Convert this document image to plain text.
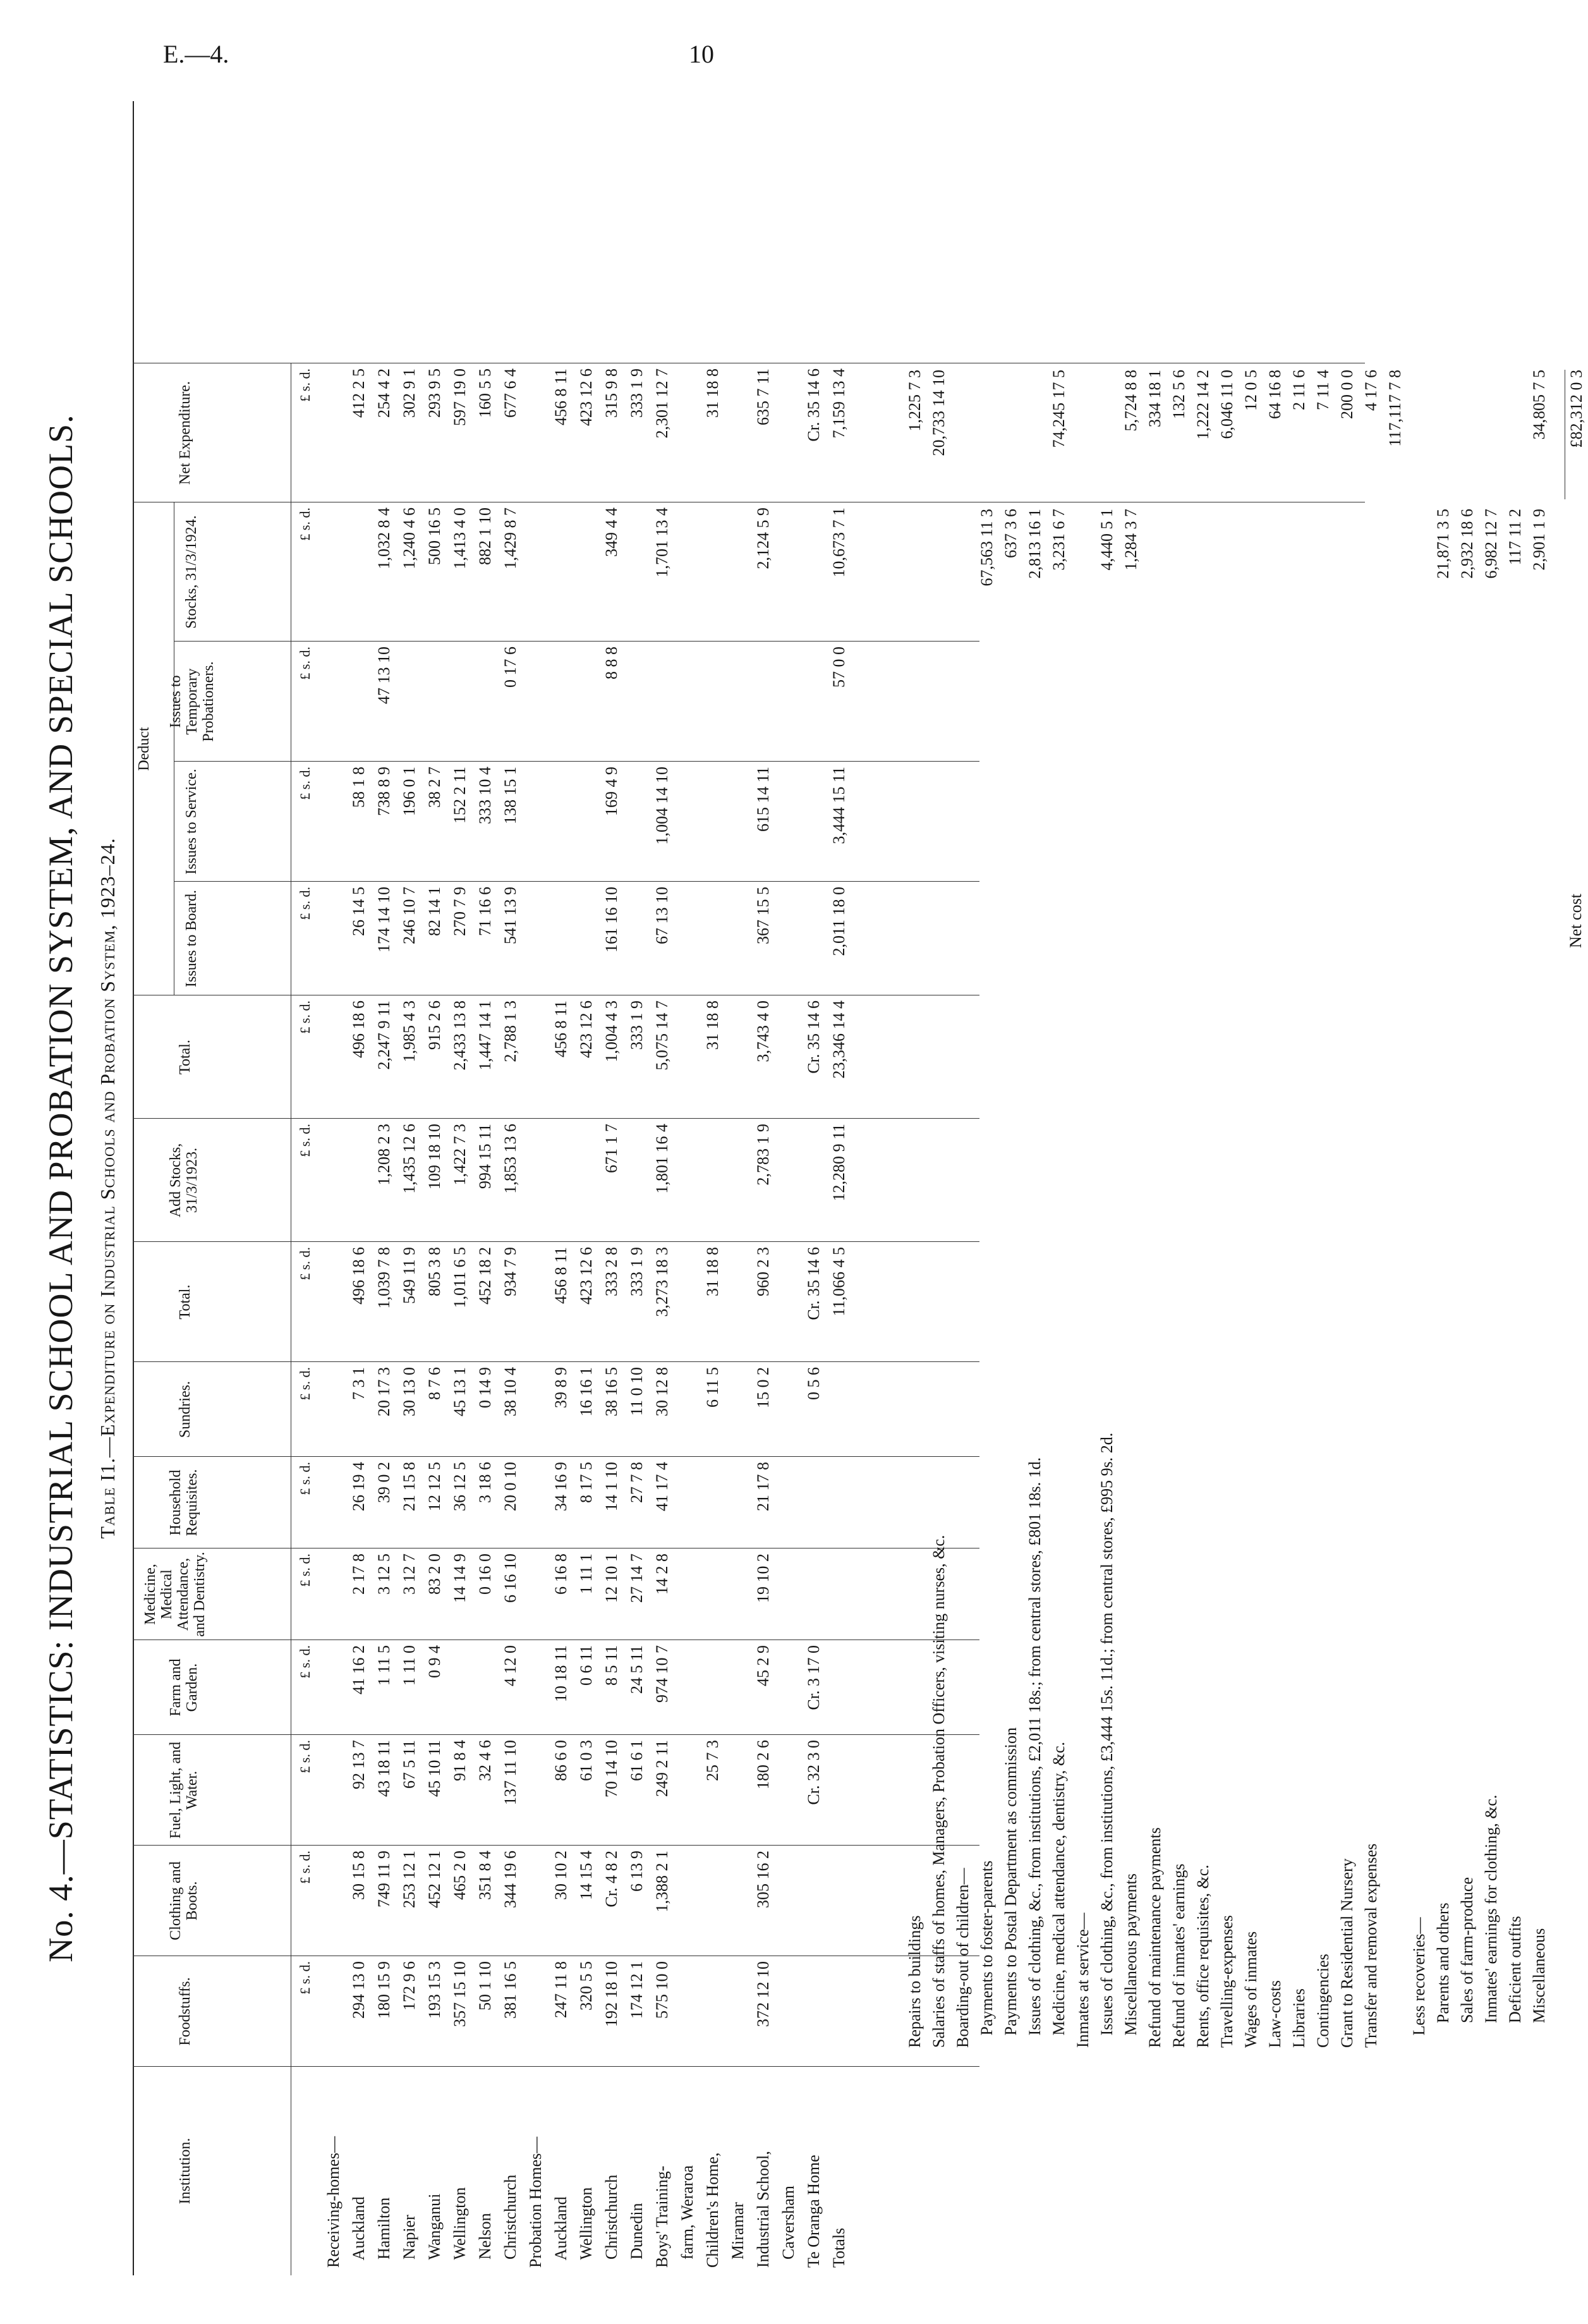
E.—4.	10
No. 4.—STATISTICS: INDUSTRIAL SCHOOL AND PROBATION SYSTEM, AND SPECIAL SCHOOLS. Table I1.—Expenditure on Industrial Schools and Probation System, 1923–24.
Institution.
Foodstuffs.
Clothing and Boots.
Fuel, Light, and Water.
Farm and Garden.
Medicine, Medical Attendance, and Dentistry.
Household Requisites.
Sundries.
Total.
Add Stocks, 31/3/1923.
Total.
Deduct
Issues to Board.
Issues to Service.
Issues to Temporary Probationers.
Stocks, 31/3/1924.
Net Expenditure.
Receiving-homes— Auckland
294 13 0
30 15 8
92 13 7
41 16 2
2 17 8
26 19 4
7 3 1
496 18 6
496 18 6
26 14 5
58 1 8
412 2 5
Hamilton
180 15 9
749 11 9
43 18 11
1 11 5
3 12 5
39 0 2
20 17 3
1,039 7 8
1,208 2 3
2,247 9 11
174 14 10
738 8 9
47 13 10
1,032 8 4
254 4 2
Napier
172 9 6
253 12 1
67 5 11
1 11 0
3 12 7
21 15 8
30 13 0
549 11 9
1,435 12 6
1,985 4 3
246 10 7
196 0 1
1,240 4 6
302 9 1
Wanganui
193 15 3
452 12 1
45 10 11
0 9 4
83 2 0
12 12 5
8 7 6
805 3 8
109 18 10
915 2 6
82 14 1
38 2 7
500 16 5
293 9 5
Wellington
357 15 10
465 2 0
91 8 4
14 14 9
36 12 5
45 13 1
1,011 6 5
1,422 7 3
2,433 13 8
270 7 9
152 2 11
1,413 4 0
597 19 0
Nelson
50 1 10
351 8 4
32 4 6
0 16 0
3 18 6
0 14 9
452 18 2
994 15 11
1,447 14 1
71 16 6
333 10 4
882 1 10
160 5 5
Christchurch
381 16 5
344 19 6
137 11 10
4 12 0
6 16 10
20 0 10
38 10 4
934 7 9
1,853 13 6
2,788 1 3
541 13 9
138 15 1
0 17 6
1,429 8 7
677 6 4
Probation Homes— Auckland
247 11 8
30 10 2
86 6 0
10 18 11
6 16 8
34 16 9
39 8 9
456 8 11
456 8 11
456 8 11
Wellington
320 5 5
14 15 4
61 0 3
0 6 11
1 11 1
8 17 5
16 16 1
423 12 6
423 12 6
423 12 6
Christchurch
192 18 10
Cr. 4 8 2
70 14 10
8 5 11
12 10 1
14 1 10
38 16 5
333 2 8
671 1 7
1,004 4 3
161 16 10
169 4 9
8 8 8
349 4 4
315 9 8
Dunedin
174 12 1
6 13 9
61 6 1
24 5 11
27 14 7
27 7 8
11 0 10
333 1 9
333 1 9
333 1 9
Boys' Training-
575 10 0
1,388 2 1
249 2 11
974 10 7
14 2 8
41 17 4
30 12 8
3,273 18 3
1,801 16 4
5,075 14 7
67 13 10
1,004 14 10
1,701 13 4
2,301 12 7
farm, Weraroa Children's Home,
25 7 3
6 11 5
31 18 8
31 18 8
31 18 8
Miramar Industrial School,
372 12 10
305 16 2
180 2 6
45 2 9
19 10 2
21 17 8
15 0 2
960 2 3
2,783 1 9
3,743 4 0
367 15 5
615 14 11
2,124 5 9
635 7 11
Caversham Te Oranga Home
Cr. 32 3 0
Cr. 3 17 0
0 5 6
Cr. 35 14 6
Cr. 35 14 6
Cr. 35 14 6
Totals
11,066 4 5
12,280 9 11
23,346 14 4
2,011 18 0
3,444 15 11
57 0 0
10,673 7 1
7,159 13 4
Repairs to buildings
1,225 7 3
Salaries of staffs of homes, Managers, Probation Officers, visiting nurses, &c.
20,733 14 10
Boarding-out of children— Payments to foster-parents
67,563 11 3
Payments to Postal Department as commission
637 3 6
Issues of clothing, &c., from institutions, £2,011 18s.; from central stores, £801 18s. 1d.
2,813 16 1
Medicine, medical attendance, dentistry, &c.
3,231 6 7
74,245 17 5
Inmates at service— Issues of clothing, &c., from institutions, £3,444 15s. 11d.; from central stores, £995 9s. 2d.
4,440 5 1
Miscellaneous payments
1,284 3 7
5,724 8 8
Refund of maintenance payments
334 18 1
Refund of inmates' earnings
132 5 6
Rents, office requisites, &c.
1,222 14 2
Travelling-expenses
6,046 11 0
Wages of inmates
12 0 5
Law-costs
64 16 8
Libraries
2 11 6
Contingencies
7 11 4
Grant to Residential Nursery
200 0 0
Transfer and removal expenses
4 17 6 117,117 7 8
Less recoveries— Parents and others
21,871 3 5
Sales of farm-produce
2,932 18 6
Inmates' earnings for clothing, &c.
6,982 12 7
Deficient outfits
117 11 2
Miscellaneous
2,901 1 9
34,805 7 5
Net cost
£82,312 0 3
£ s. d.
£ s. d.
£ s. d.
£ s. d.
£ s. d.
£ s. d.
£ s. d.
£ s. d.
£ s. d.
£ s. d.
£ s. d.
£ s. d.
£ s. d.
£ s. d.
£ s. d.
